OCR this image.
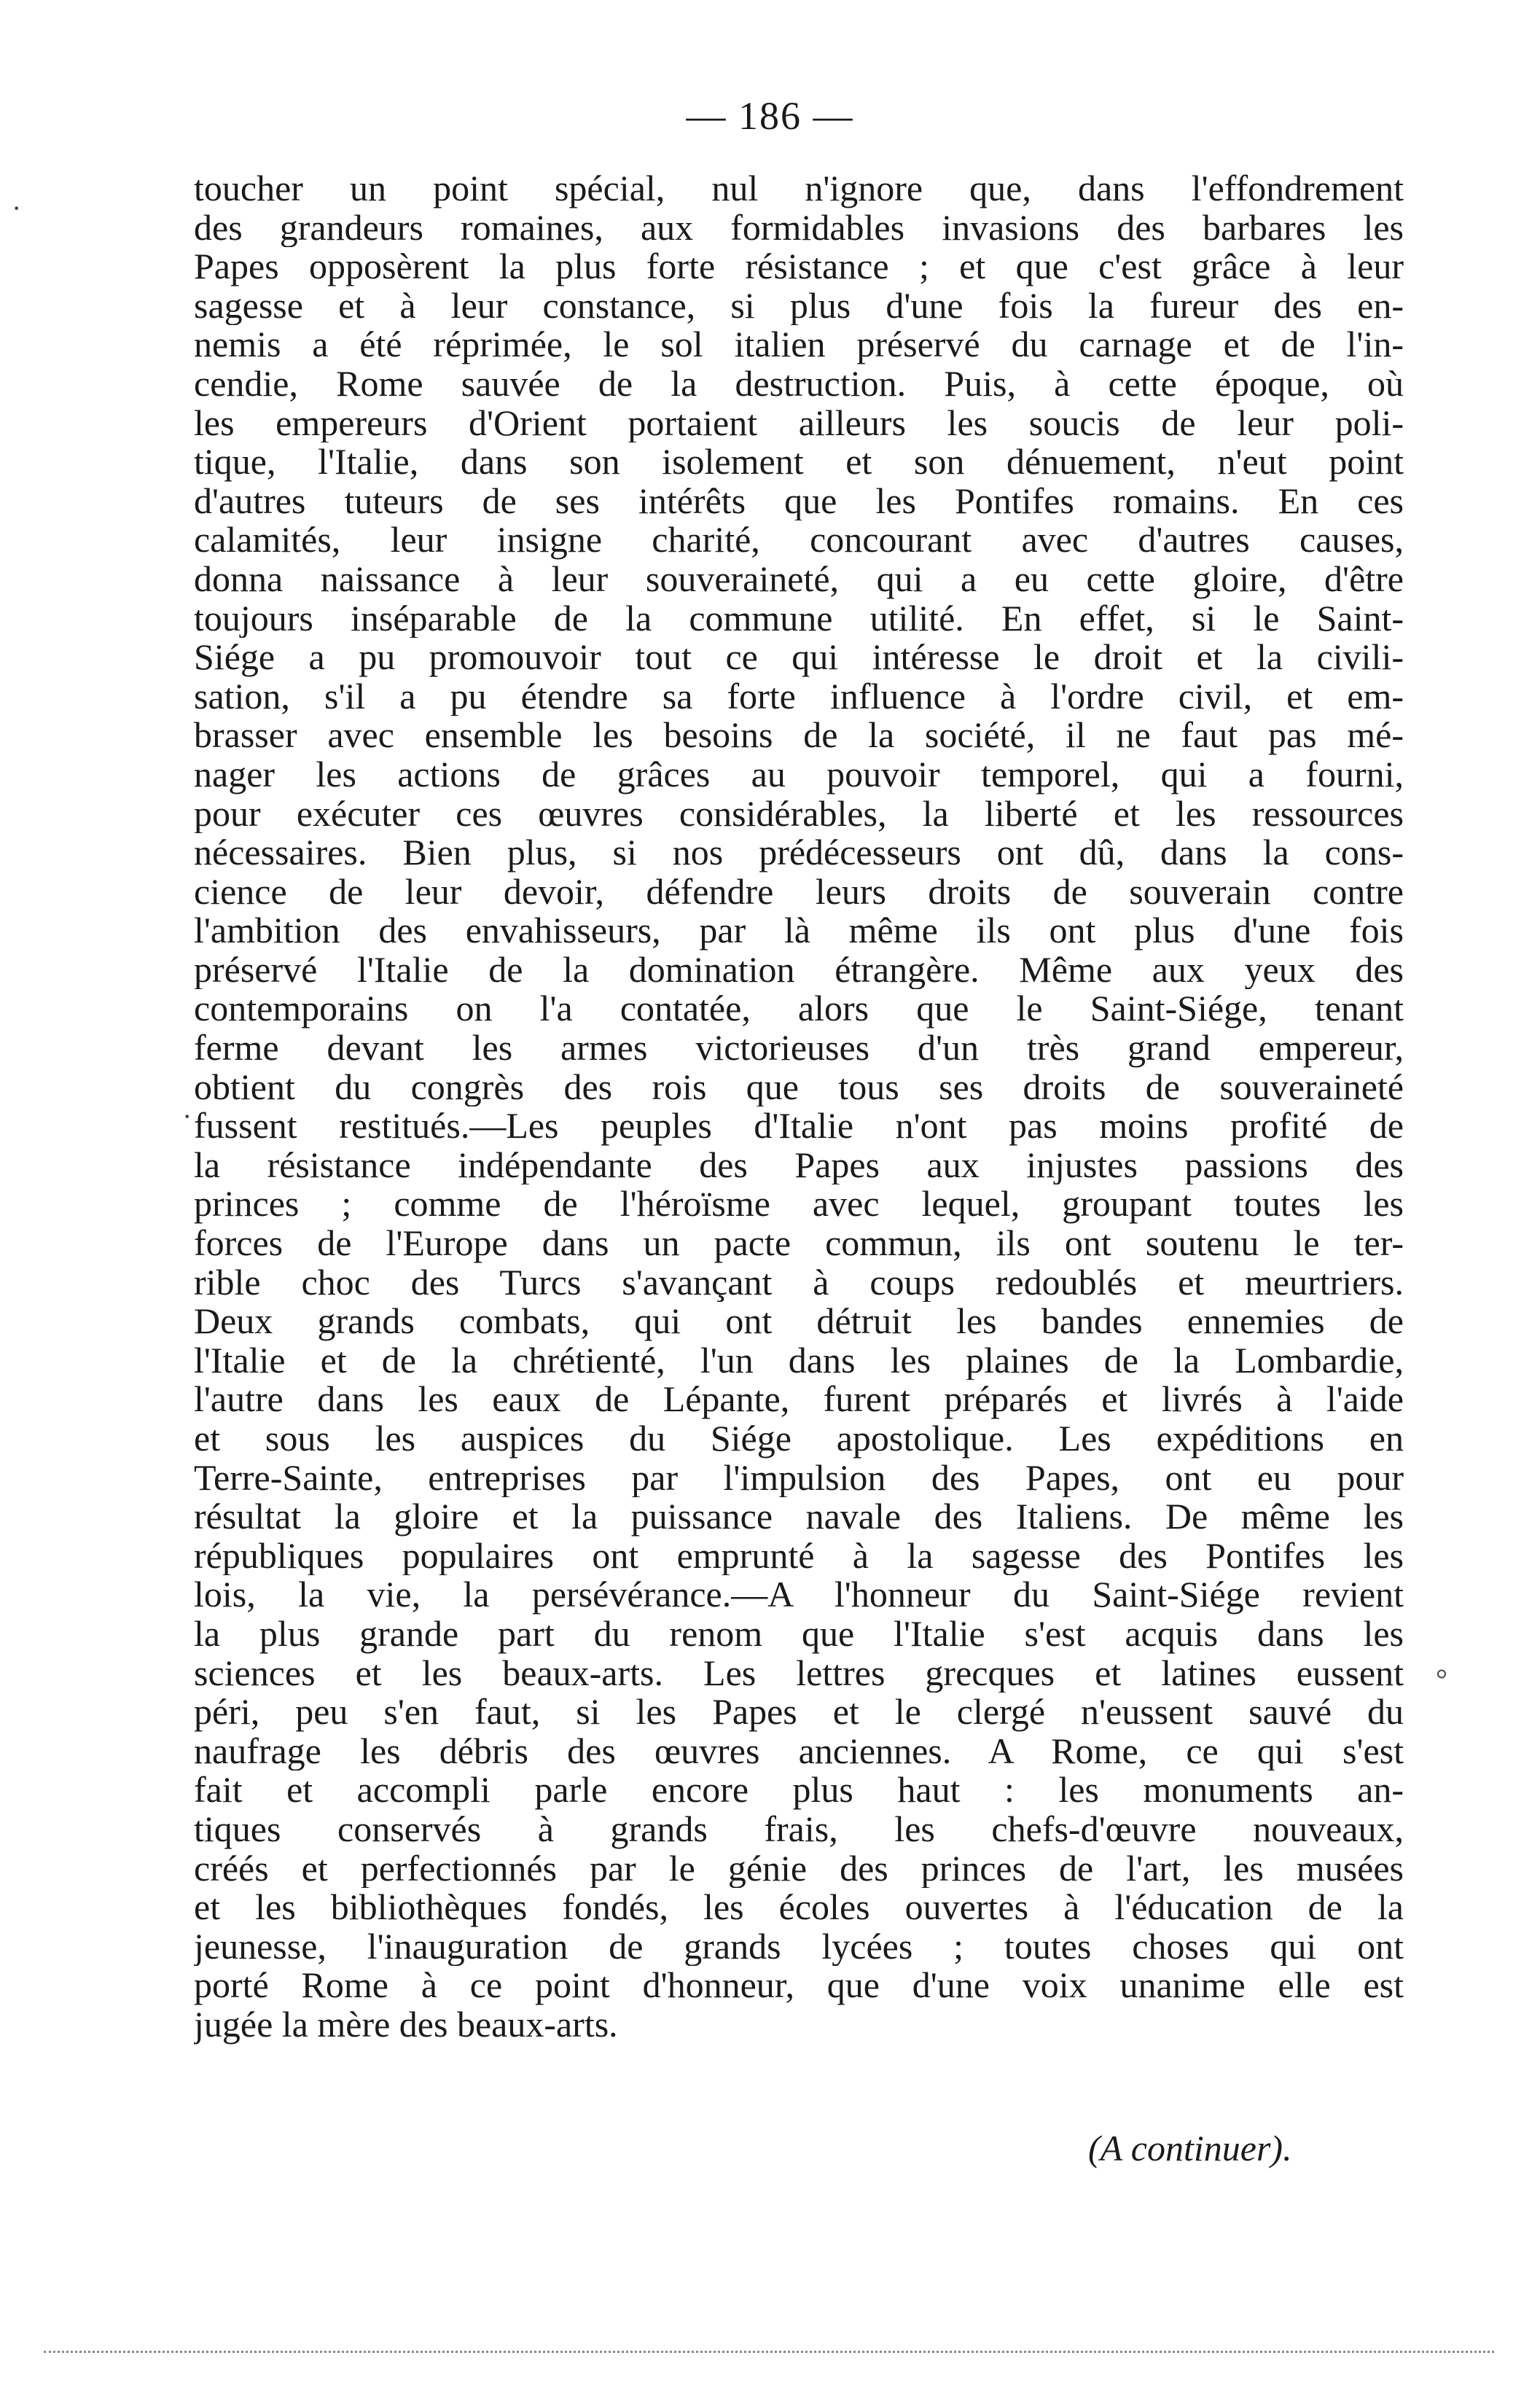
— 186 —
toucher un point spécial, nul n'ignore que, dans l'effondrement
des grandeurs romaines, aux formidables invasions des barbares les
Papes opposèrent la plus forte résistance ; et que c'est grâce à leur
sagesse et à leur constance, si plus d'une fois la fureur des en-
nemis a été réprimée, le sol italien préservé du carnage et de l'in-
cendie, Rome sauvée de la destruction. Puis, à cette époque, où
les empereurs d'Orient portaient ailleurs les soucis de leur poli-
tique, l'Italie, dans son isolement et son dénuement, n'eut point
d'autres tuteurs de ses intérêts que les Pontifes romains. En ces
calamités, leur insigne charité, concourant avec d'autres causes,
donna naissance à leur souveraineté, qui a eu cette gloire, d'être
toujours inséparable de la commune utilité. En effet, si le Saint-
Siége a pu promouvoir tout ce qui intéresse le droit et la civili-
sation, s'il a pu étendre sa forte influence à l'ordre civil, et em-
brasser avec ensemble les besoins de la société, il ne faut pas mé-
nager les actions de grâces au pouvoir temporel, qui a fourni,
pour exécuter ces œuvres considérables, la liberté et les ressources
nécessaires. Bien plus, si nos prédécesseurs ont dû, dans la cons-
cience de leur devoir, défendre leurs droits de souverain contre
l'ambition des envahisseurs, par là même ils ont plus d'une fois
préservé l'Italie de la domination étrangère. Même aux yeux des
contemporains on l'a contatée, alors que le Saint-Siége, tenant
ferme devant les armes victorieuses d'un très grand empereur,
obtient du congrès des rois que tous ses droits de souveraineté
fussent restitués.—Les peuples d'Italie n'ont pas moins profité de
la résistance indépendante des Papes aux injustes passions des
princes ; comme de l'héroïsme avec lequel, groupant toutes les
forces de l'Europe dans un pacte commun, ils ont soutenu le ter-
rible choc des Turcs s'avançant à coups redoublés et meurtriers.
Deux grands combats, qui ont détruit les bandes ennemies de
l'Italie et de la chrétienté, l'un dans les plaines de la Lombardie,
l'autre dans les eaux de Lépante, furent préparés et livrés à l'aide
et sous les auspices du Siége apostolique. Les expéditions en
Terre-Sainte, entreprises par l'impulsion des Papes, ont eu pour
résultat la gloire et la puissance navale des Italiens. De même les
républiques populaires ont emprunté à la sagesse des Pontifes les
lois, la vie, la persévérance.—A l'honneur du Saint-Siége revient
la plus grande part du renom que l'Italie s'est acquis dans les
sciences et les beaux-arts. Les lettres grecques et latines eussent
péri, peu s'en faut, si les Papes et le clergé n'eussent sauvé du
naufrage les débris des œuvres anciennes. A Rome, ce qui s'est
fait et accompli parle encore plus haut : les monuments an-
tiques conservés à grands frais, les chefs-d'œuvre nouveaux,
créés et perfectionnés par le génie des princes de l'art, les musées
et les bibliothèques fondés, les écoles ouvertes à l'éducation de la
jeunesse, l'inauguration de grands lycées ; toutes choses qui ont
porté Rome à ce point d'honneur, que d'une voix unanime elle est
jugée la mère des beaux-arts.
(A continuer).
·
·
°
